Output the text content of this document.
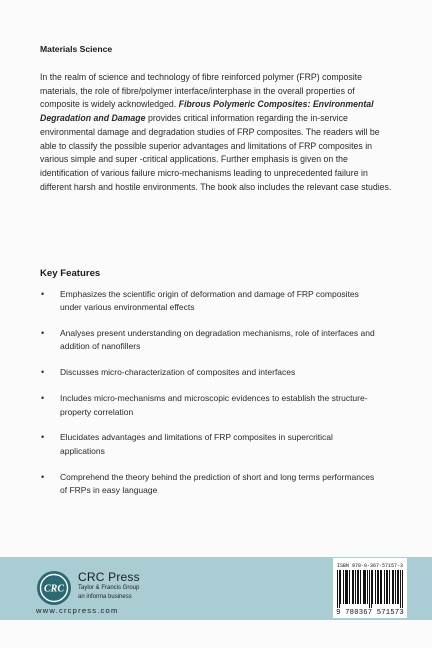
Materials Science

In the realm of science and technology of fibre reinforced polymer (FRP) composite materials, the role of fibre/polymer interface/interphase in the overall properties of composite is widely acknowledged. Fibrous Polymeric Composites: Environmental Degradation and Damage provides critical information regarding the in-service environmental damage and degradation studies of FRP composites. The readers will be able to classify the possible superior advantages and limitations of FRP composites in various simple and super -critical applications. Further emphasis is given on the identification of various failure micro-mechanisms leading to unprecedented failure in different harsh and hostile environments. The book also includes the relevant case studies.

Key Features
• Emphasizes the scientific origin of deformation and damage of FRP composites under various environmental effects
• Analyses present understanding on degradation mechanisms, role of interfaces and addition of nanofillers
• Discusses micro-characterization of composites and interfaces
• Includes micro-mechanisms and microscopic evidences to establish the structure-property correlation
• Elucidates advantages and limitations of FRP composites in supercritical applications
• Comprehend the theory behind the prediction of short and long terms performances of FRPs in easy language
CRC
CRC Press
Taylor & Francis Group
an informa business
www.crcpress.com
ISBN 978-0-367-57157-3
9 780367 571573
